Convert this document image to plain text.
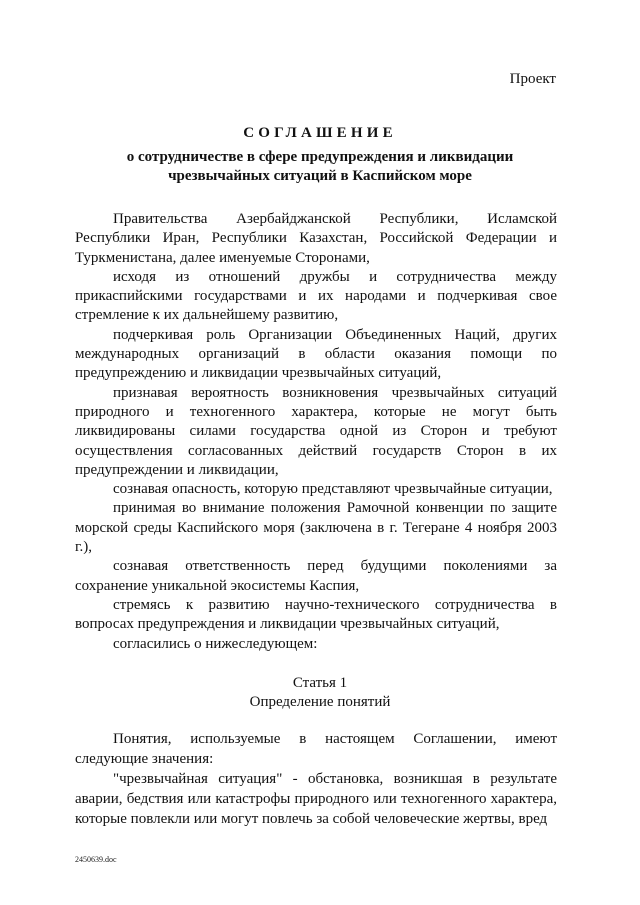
Проект
СОГЛАШЕНИЕ
о сотрудничестве в сфере предупреждения и ликвидации
чрезвычайных ситуаций в Каспийском море

Правительства Азербайджанской Республики, Исламской Республики Иран, Республики Казахстан, Российской Федерации и Туркменистана, далее именуемые Сторонами,

исходя из отношений дружбы и сотрудничества между прикаспийскими государствами и их народами и подчеркивая свое стремление к их дальнейшему развитию,

подчеркивая роль Организации Объединенных Наций, других международных организаций в области оказания помощи по предупреждению и ликвидации чрезвычайных ситуаций,

признавая вероятность возникновения чрезвычайных ситуаций природного и техногенного характера, которые не могут быть ликвидированы силами государства одной из Сторон и требуют осуществления согласованных действий государств Сторон в их предупреждении и ликвидации,

сознавая опасность, которую представляют чрезвычайные ситуации,

принимая во внимание положения Рамочной конвенции по защите морской среды Каспийского моря (заключена в г. Тегеране 4 ноября 2003 г.),

сознавая ответственность перед будущими поколениями за сохранение уникальной экосистемы Каспия,

стремясь к развитию научно-технического сотрудничества в вопросах предупреждения и ликвидации чрезвычайных ситуаций,

согласились о нижеследующем:

Статья 1
Определение понятий

Понятия, используемые в настоящем Соглашении, имеют следующие значения:

"чрезвычайная ситуация" - обстановка, возникшая в результате аварии, бедствия или катастрофы природного или техногенного характера, которые повлекли или могут повлечь за собой человеческие жертвы, вред

2450639.doc
